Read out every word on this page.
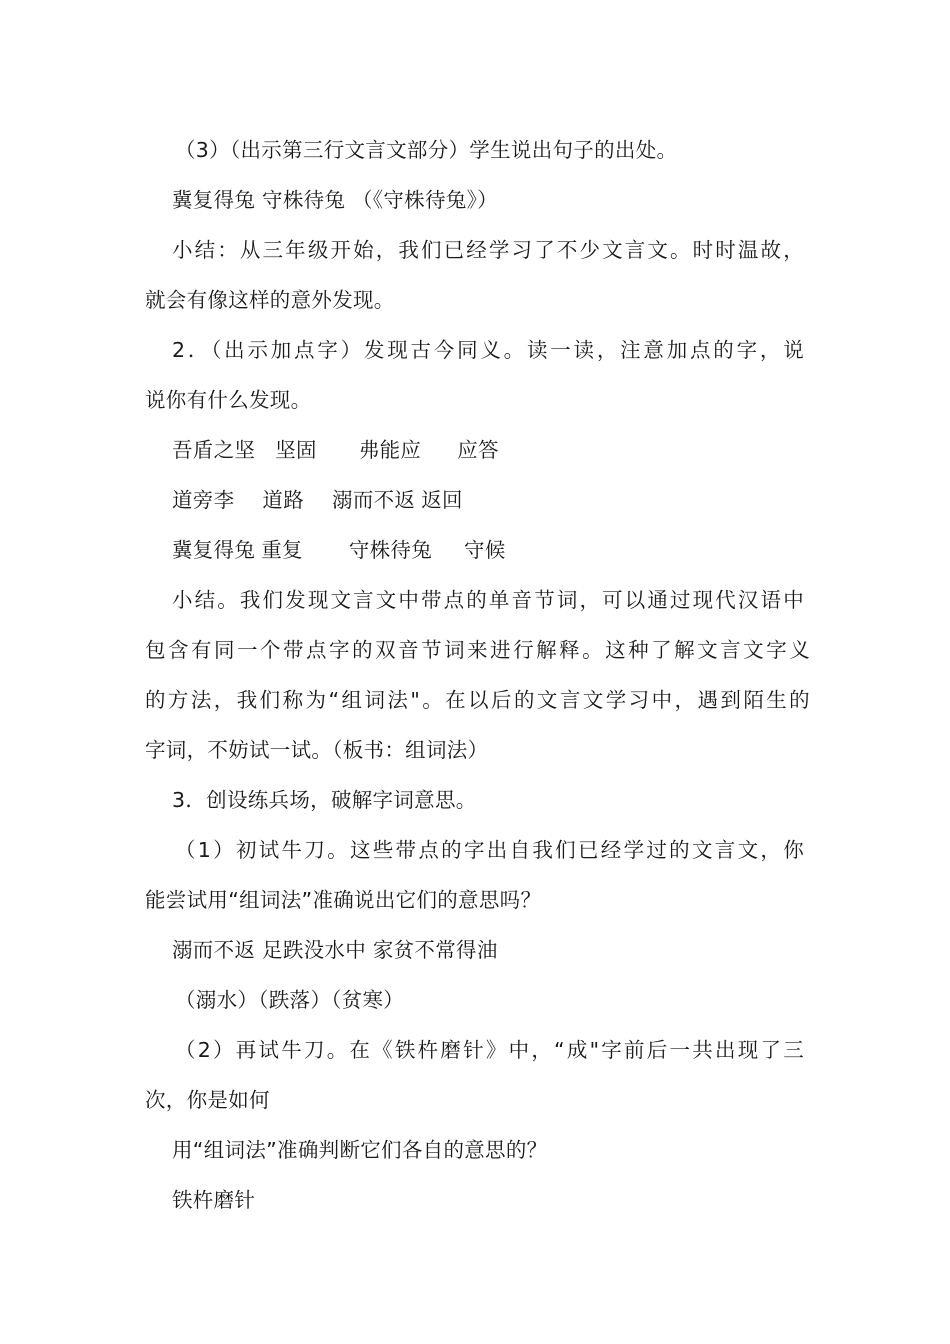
（3）（出示第三行文言文部分）学生说出句子的出处。
冀复得兔 守株待兔 （《守株待兔》）
小结：从三年级开始，我们已经学习了不少文言文。时时温故，
就会有像这样的意外发现。
2．（出示加点字）发现古今同义。读一读，注意加点的字，说
说你有什么发现。
吾盾之坚 坚固 弗能应 应答
道旁李 道路 溺而不返 返回
冀复得兔 重复 守株待兔 守候
小结。我们发现文言文中带点的单音节词，可以通过现代汉语中
包含有同一个带点字的双音节词来进行解释。这种了解文言文字义
的方法，我们称为“组词法"。在以后的文言文学习中，遇到陌生的
字词，不妨试一试。（板书：组词法）
3．创设练兵场，破解字词意思。
（1）初试牛刀。这些带点的字出自我们已经学过的文言文，你
能尝试用“组词法”准确说出它们的意思吗？
溺而不返 足跌没水中 家贫不常得油
（溺水）（跌落）（贫寒）
（2）再试牛刀。在《铁杵磨针》中，“成"字前后一共出现了三
次，你是如何
用“组词法”准确判断它们各自的意思的？
铁杵磨针
